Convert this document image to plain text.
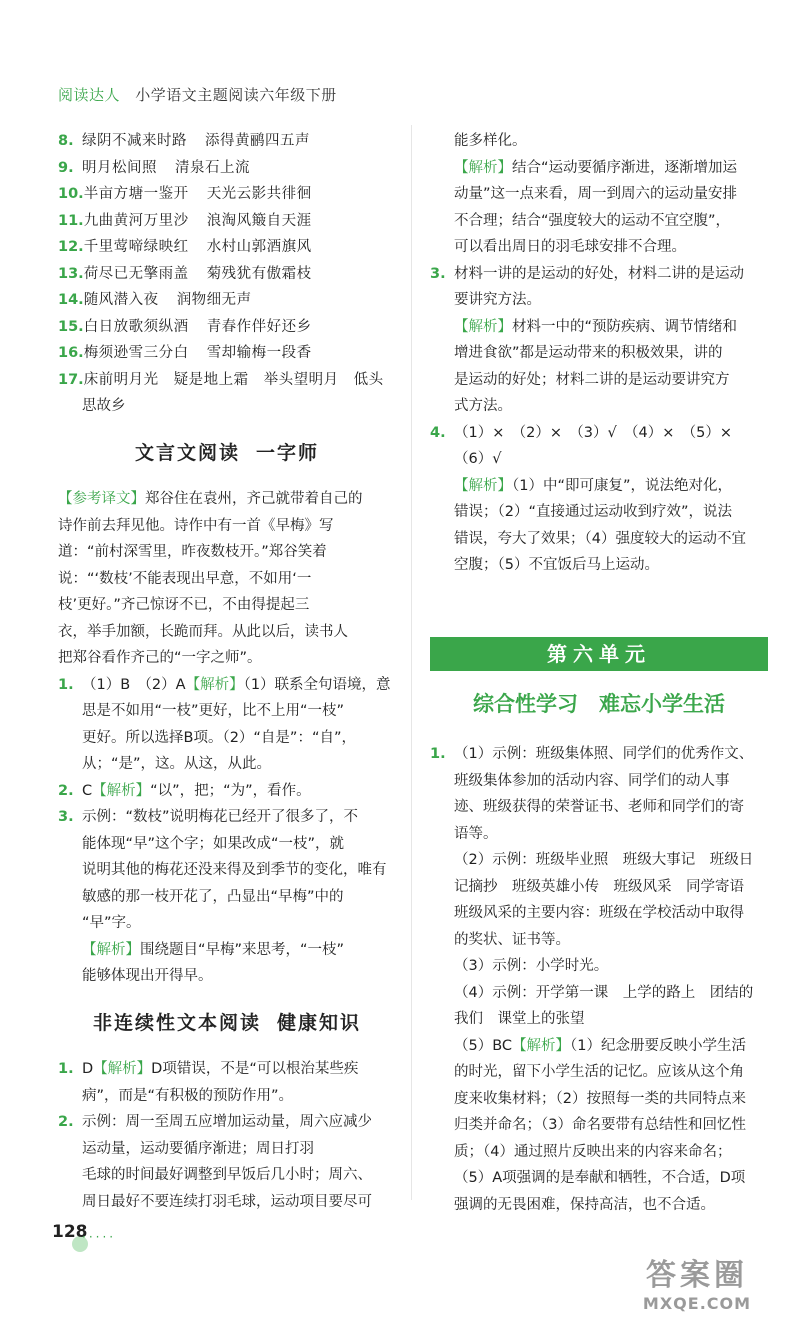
阅读达人 小学语文主题阅读六年级下册
8. 绿阴不减来时路 添得黄鹂四五声
9. 明月松间照 清泉石上流
10. 半亩方塘一鉴开 天光云影共徘徊
11. 九曲黄河万里沙 浪淘风簸自天涯
12. 千里莺啼绿映红 水村山郭酒旗风
13. 荷尽已无擎雨盖 菊残犹有傲霜枝
14. 随风潜入夜 润物细无声
15. 白日放歌须纵酒 青春作伴好还乡
16. 梅须逊雪三分白 雪却输梅一段香
17. 床前明月光　疑是地上霜　举头望明月　低头

思故乡

文言文阅读 一字师

【参考译文】郑谷住在袁州，齐己就带着自己的

诗作前去拜见他。诗作中有一首《早梅》写

道：“前村深雪里，昨夜数枝开。”郑谷笑着

说：“‘数枝’不能表现出早意，不如用‘一

枝’更好。”齐己惊讶不已，不由得提起三

衣，举手加额，长跪而拜。从此以后，读书人

把郑谷看作齐己的“一字之师”。

1. （1）B　（2）A【解析】（1）联系全句语境，意

思是不如用“一枝”更好，比不上用“一枝”

更好。所以选择B项。（2）“自是”：“自”，

从；“是”，这。从这，从此。

2. C【解析】“以”，把；“为”，看作。
3. 示例：“数枝”说明梅花已经开了很多了，不

能体现“早”这个字；如果改成“一枝”，就

说明其他的梅花还没来得及到季节的变化，唯有

敏感的那一枝开花了，凸显出“早梅”中的

“早”字。

【解析】围绕题目“早梅”来思考，“一枝”

能够体现出开得早。

非连续性文本阅读 健康知识
1. D【解析】D项错误，不是“可以根治某些疾

病”，而是“有积极的预防作用”。

2. 示例：周一至周五应增加运动量，周六应减少

运动量，运动要循序渐进；周日打羽

毛球的时间最好调整到早饭后几小时；周六、

周日最好不要连续打羽毛球，运动项目要尽可

能多样化。

【解析】结合“运动要循序渐进，逐渐增加运

动量”这一点来看，周一到周六的运动量安排

不合理；结合“强度较大的运动不宜空腹”，

可以看出周日的羽毛球安排不合理。

3. 材料一讲的是运动的好处，材料二讲的是运动

要讲究方法。

【解析】材料一中的“预防疾病、调节情绪和

增进食欲”都是运动带来的积极效果，讲的

是运动的好处；材料二讲的是运动要讲究方

式方法。

4. （1）×　（2）×　（3）√　（4）×　（5）×

（6）√

【解析】（1）中“即可康复”，说法绝对化，

错误；（2）“直接通过运动收到疗效”，说法

错误，夸大了效果；（4）强度较大的运动不宜

空腹；（5）不宜饭后马上运动。

第六单元
综合性学习　难忘小学生活
1. （1）示例：班级集体照、同学们的优秀作文、

班级集体参加的活动内容、同学们的动人事

迹、班级获得的荣誉证书、老师和同学们的寄

语等。

（2）示例：班级毕业照　班级大事记　班级日

记摘抄　班级英雄小传　班级风采　同学寄语

班级风采的主要内容：班级在学校活动中取得

的奖状、证书等。

（3）示例：小学时光。

（4）示例：开学第一课　上学的路上　团结的

我们　课堂上的张望

（5）BC【解析】（1）纪念册要反映小学生活

的时光，留下小学生活的记忆。应该从这个角

度来收集材料；（2）按照每一类的共同特点来

归类并命名；（3）命名要带有总结性和回忆性

质；（4）通过照片反映出来的内容来命名；

（5）A项强调的是奉献和牺牲，不合适，D项

强调的无畏困难，保持高洁，也不合适。

128
·····
答案圈
MXQE.COM
